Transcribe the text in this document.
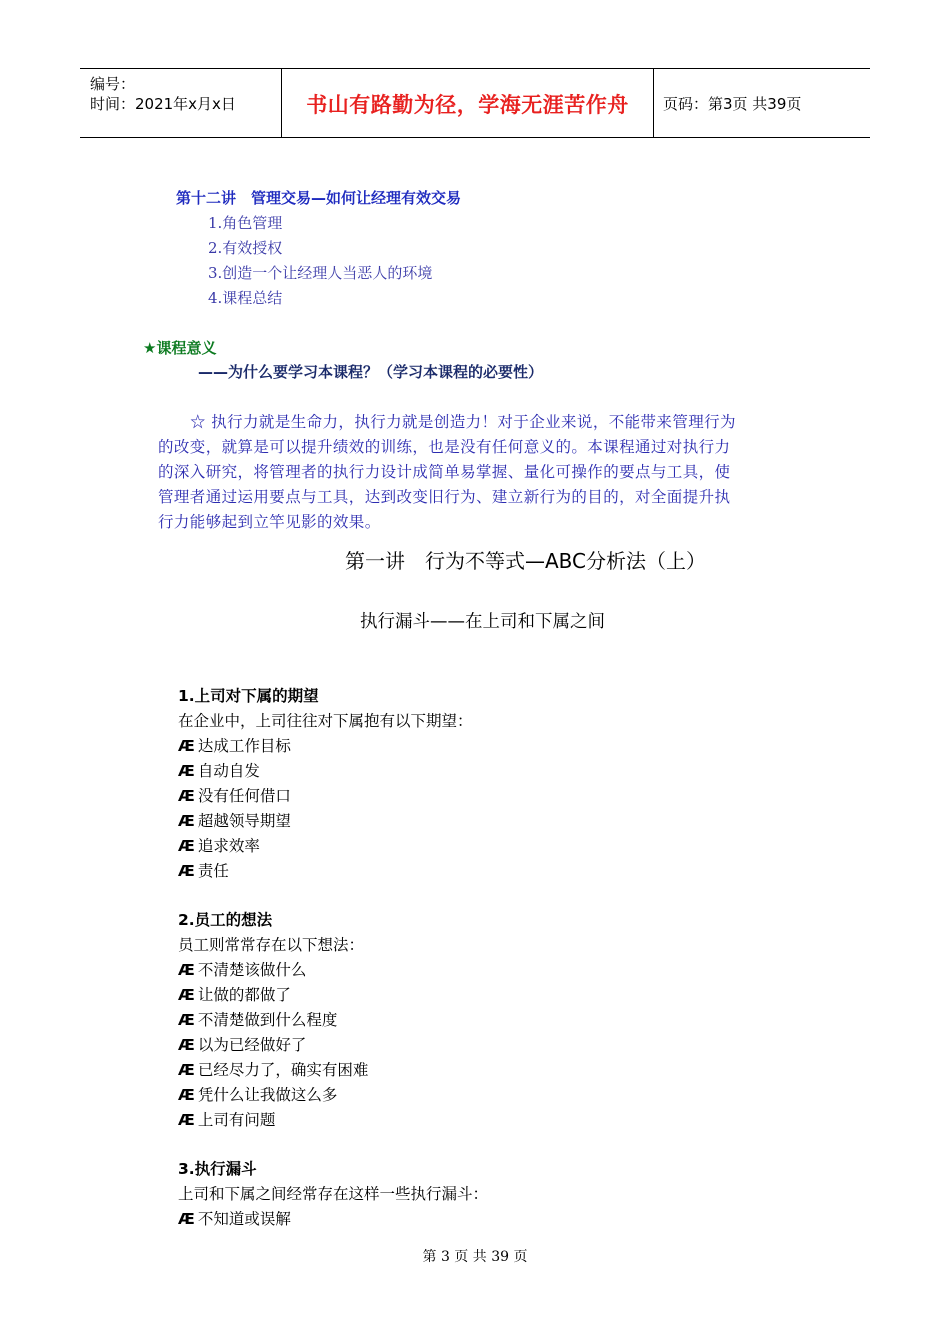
编号：
时间：2021年x月x日	书山有路勤为径，学海无涯苦作舟	页码：第3页 共39页
第十二讲　管理交易—如何让经理有效交易
1.角色管理
2.有效授权
3.创造一个让经理人当恶人的环境
4.课程总结
★课程意义
——为什么要学习本课程？（学习本课程的必要性）
☆ 执行力就是生命力，执行力就是创造力！对于企业来说，不能带来管理行为
的改变，就算是可以提升绩效的训练，也是没有任何意义的。本课程通过对执行力
的深入研究，将管理者的执行力设计成简单易掌握、量化可操作的要点与工具，使
管理者通过运用要点与工具，达到改变旧行为、建立新行为的目的，对全面提升执
行力能够起到立竿见影的效果。
第一讲　行为不等式—ABC分析法（上）
执行漏斗——在上司和下属之间
1.上司对下属的期望
在企业中，上司往往对下属抱有以下期望：
Æ 达成工作目标
Æ 自动自发
Æ 没有任何借口
Æ 超越领导期望
Æ 追求效率
Æ 责任
2.员工的想法
员工则常常存在以下想法：
Æ 不清楚该做什么
Æ 让做的都做了
Æ 不清楚做到什么程度
Æ 以为已经做好了
Æ 已经尽力了，确实有困难
Æ 凭什么让我做这么多
Æ 上司有问题
3.执行漏斗
上司和下属之间经常存在这样一些执行漏斗：
Æ 不知道或误解
第 3 页 共 39 页
